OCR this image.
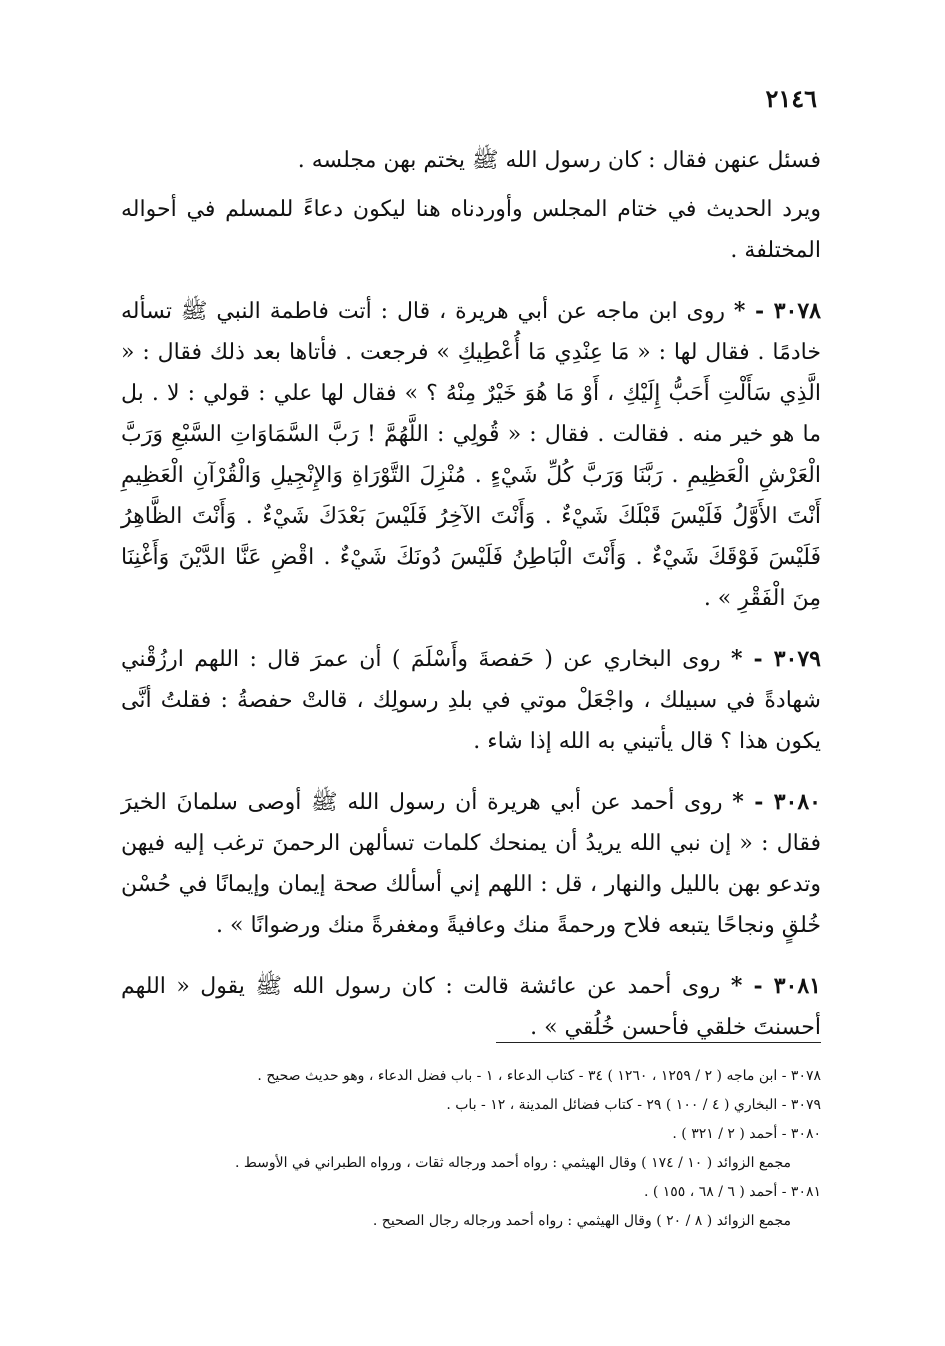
٢١٤٦

فسئل عنهن فقال : كان رسول الله ﷺ يختم بهن مجلسه .

ويرد الحديث في ختام المجلس وأوردناه هنا ليكون دعاءً للمسلم في أحواله المختلفة .

٣٠٧٨ - * روى ابن ماجه عن أبي هريرة ، قال : أتت فاطمة النبي ﷺ تسأله خادمًا . فقال لها : « مَا عِنْدِي مَا أُعْطِيكِ » فرجعت . فأتاها بعد ذلك فقال : « الَّذِي سَأَلْتِ أَحَبُّ إِلَيْكِ ، أَوْ مَا هُوَ خَيْرٌ مِنْهُ ؟ » فقال لها علي : قولي : لا . بل ما هو خير منه . فقالت . فقال : « قُولِي : اللَّهُمَّ ! رَبَّ السَّمَاوَاتِ السَّبْعِ وَرَبَّ الْعَرْشِ الْعَظِيمِ . رَبَّنَا وَرَبَّ كُلِّ شَيْءٍ . مُنْزِلَ التَّوْرَاةِ وَالإِنْجِيلِ وَالْقُرْآنِ الْعَظِيمِ أَنْتَ الأَوَّلُ فَلَيْسَ قَبْلَكَ شَيْءٌ . وَأَنْتَ الآخِرُ فَلَيْسَ بَعْدَكَ شَيْءٌ . وَأَنْتَ الظَّاهِرُ فَلَيْسَ فَوْقَكَ شَيْءٌ . وَأَنْتَ الْبَاطِنُ فَلَيْسَ دُونَكَ شَيْءٌ . اقْضِ عَنَّا الدَّيْنَ وَأَغْنِنَا مِنَ الْفَقْرِ » .

٣٠٧٩ - * روى البخاري عن ( حَفصةَ وأَسْلَمَ ) أن عمرَ قال : اللهم ارزُقْني شهادةً في سبيلك ، واجْعَلْ موتي في بلدِ رسولِك ، قالتْ حفصةُ : فقلتُ أنَّى يكون هذا ؟ قال يأتيني به الله إذا شاء .

٣٠٨٠ - * روى أحمد عن أبي هريرة أن رسول الله ﷺ أوصى سلمانَ الخيرَ فقال : « إن نبي الله يريدُ أن يمنحك كلمات تسألهن الرحمنَ ترغب إليه فيهن وتدعو بهن بالليل والنهار ، قل : اللهم إني أسألك صحة إيمان وإيمانًا في حُسْن خُلقٍ ونجاحًا يتبعه فلاح ورحمةً منك وعافيةً ومغفرةً منك ورضوانًا » .

٣٠٨١ - * روى أحمد عن عائشة قالت : كان رسول الله ﷺ يقول « اللهم أحسنتَ خلقي فأحسن خُلُقي » .

٣٠٧٨ - ابن ماجه ( ٢ / ١٢٥٩ ، ١٢٦٠ ) ٣٤ - كتاب الدعاء ، ١ - باب فضل الدعاء ، وهو حديث صحيح .

٣٠٧٩ - البخاري ( ٤ / ١٠٠ ) ٢٩ - كتاب فضائل المدينة ، ١٢ - باب .

٣٠٨٠ - أحمد ( ٢ / ٣٢١ ) .

مجمع الزوائد ( ١٠ / ١٧٤ ) وقال الهيثمي : رواه أحمد ورجاله ثقات ، ورواه الطبراني في الأوسط .

٣٠٨١ - أحمد ( ٦ / ٦٨ ، ١٥٥ ) .

مجمع الزوائد ( ٨ / ٢٠ ) وقال الهيثمي : رواه أحمد ورجاله رجال الصحيح .
